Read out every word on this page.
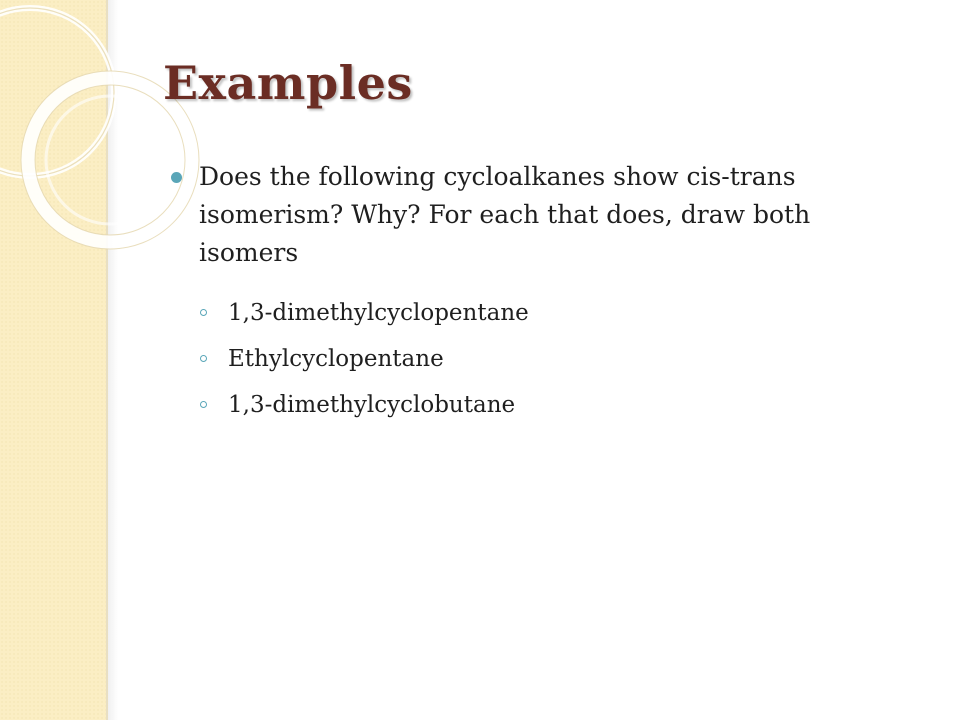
Examples
Does the following cycloalkanes show cis-trans isomerism? Why? For each that does, draw both isomers
1,3-dimethylcyclopentane
Ethylcyclopentane
1,3-dimethylcyclobutane
